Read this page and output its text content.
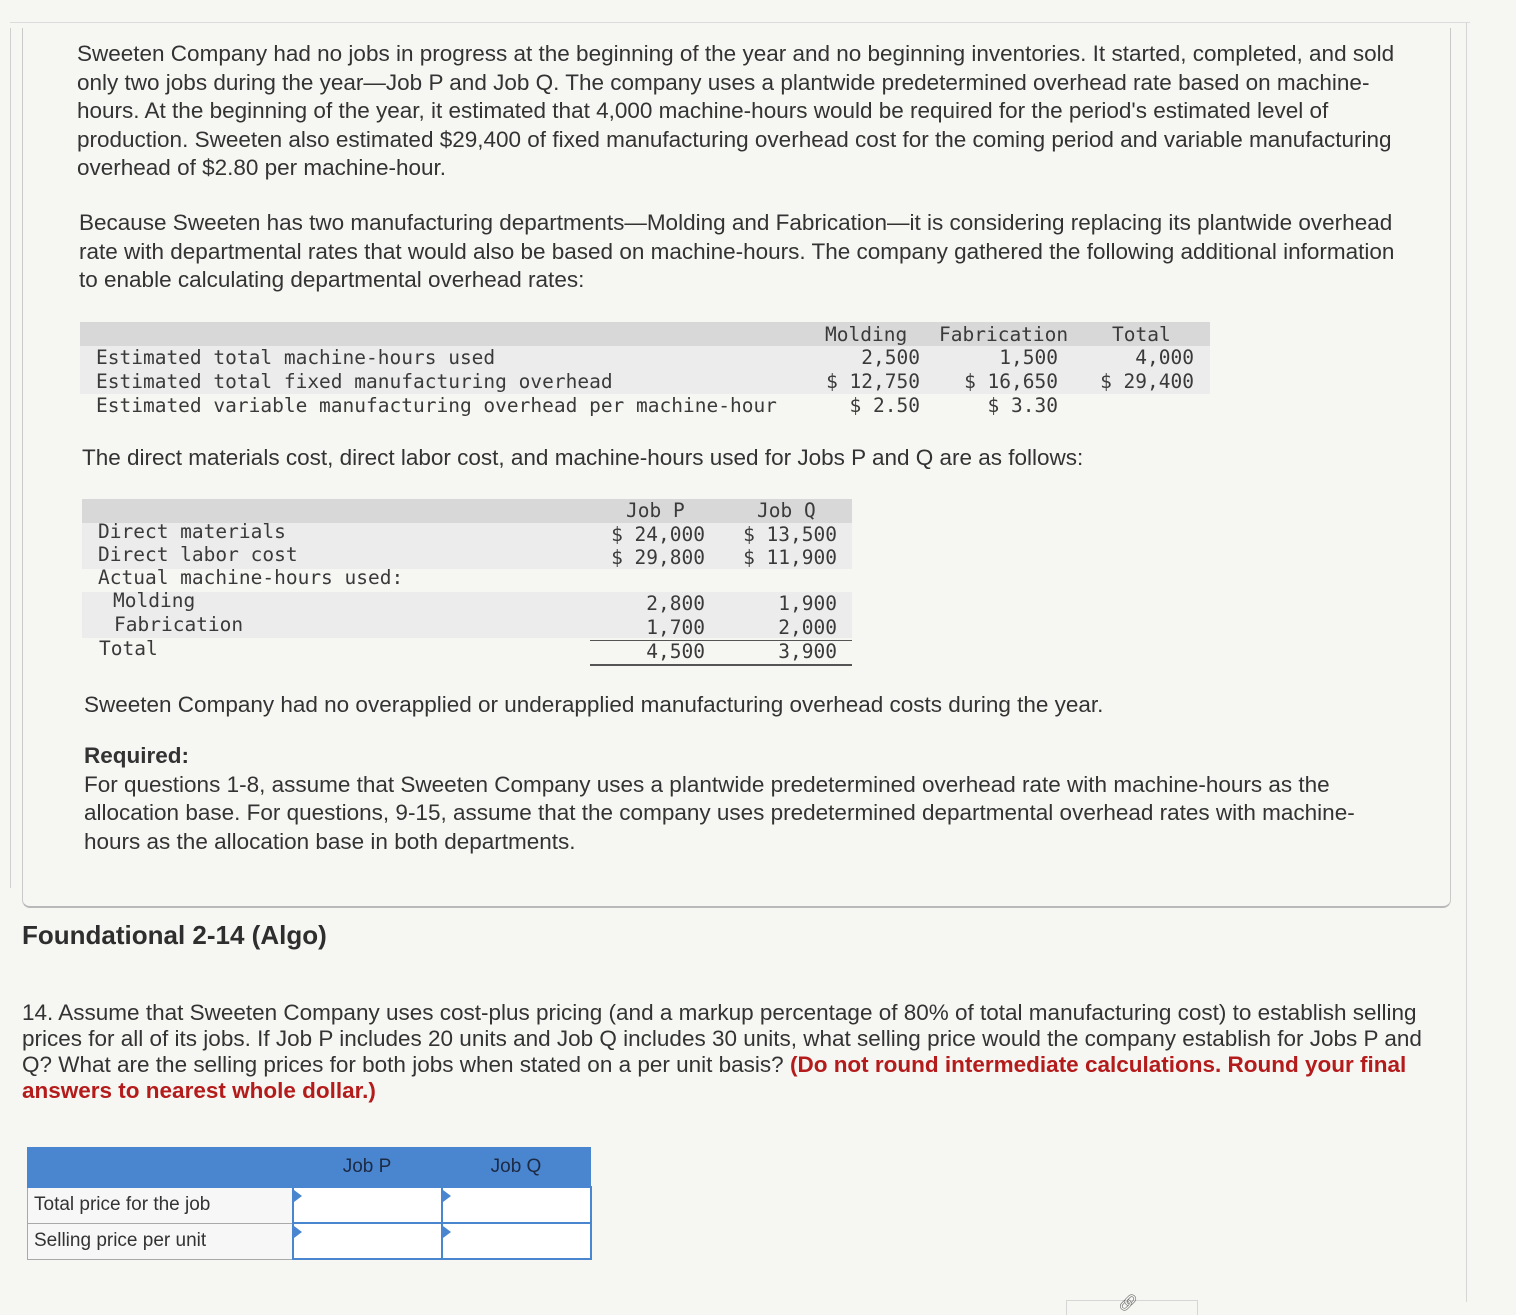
Sweeten Company had no jobs in progress at the beginning of the year and no beginning inventories. It started, completed, and sold only two jobs during the year—Job P and Job Q. The company uses a plantwide predetermined overhead rate based on machine-hours. At the beginning of the year, it estimated that 4,000 machine-hours would be required for the period's estimated level of production. Sweeten also estimated $29,400 of fixed manufacturing overhead cost for the coming period and variable manufacturing overhead of $2.80 per machine-hour.

Because Sweeten has two manufacturing departments—Molding and Fabrication—it is considering replacing its plantwide overhead rate with departmental rates that would also be based on machine-hours. The company gathered the following additional information to enable calculating departmental overhead rates:

Molding Fabrication Total
Estimated total machine-hours used	2,500	1,500	4,000
Estimated total fixed manufacturing overhead	$ 12,750	$ 16,650	$ 29,400
Estimated variable manufacturing overhead per machine-hour	$ 2.50	$ 3.30

The direct materials cost, direct labor cost, and machine-hours used for Jobs P and Q are as follows:

Job P	Job Q
Direct materials	$ 24,000	$ 13,500
Direct labor cost	$ 29,800	$ 11,900
Actual machine-hours used:
Molding	2,800	1,900
Fabrication	1,700	2,000
Total	4,500	3,900

Sweeten Company had no overapplied or underapplied manufacturing overhead costs during the year.

Required:
For questions 1-8, assume that Sweeten Company uses a plantwide predetermined overhead rate with machine-hours as the allocation base. For questions, 9-15, assume that the company uses predetermined departmental overhead rates with machine-hours as the allocation base in both departments.
Foundational 2-14 (Algo)

14. Assume that Sweeten Company uses cost-plus pricing (and a markup percentage of 80% of total manufacturing cost) to establish selling prices for all of its jobs. If Job P includes 20 units and Job Q includes 30 units, what selling price would the company establish for Jobs P and Q? What are the selling prices for both jobs when stated on a per unit basis? (Do not round intermediate calculations. Round your final answers to nearest whole dollar.)

	Job P	Job Q
Total price for the job	

Selling price per unit	

🔗︎
